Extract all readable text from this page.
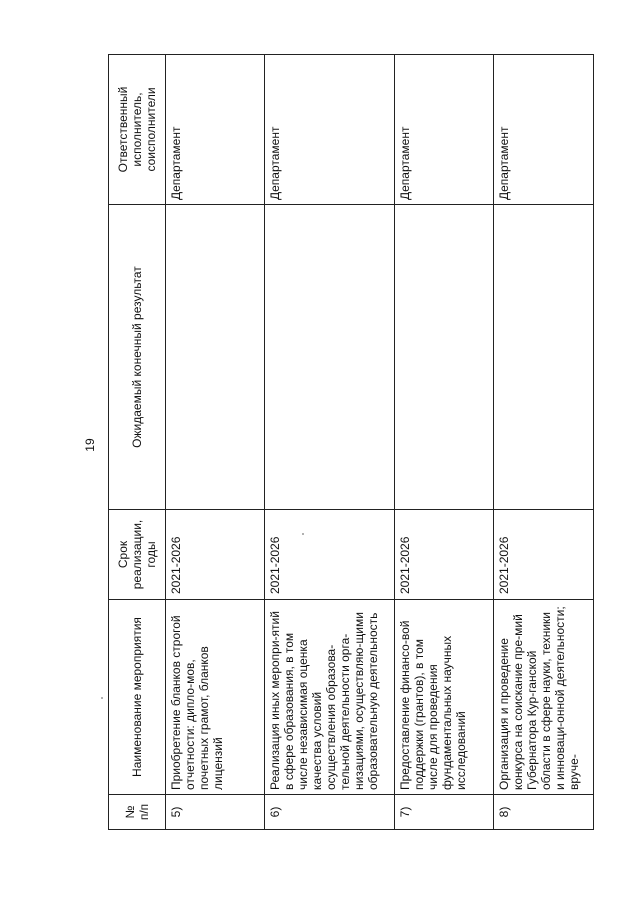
19
№ п/п	Наименование мероприятия	Срок реализации, годы	Ожидаемый конечный результат	Ответственный исполнитель, соисполнители
5)	Приобретение бланков строгой отчетности: дипло-мов, почетных грамот, бланков лицензий	2021-2026		Департамент
6)	Реализация иных меропри-ятий в сфере образования, в том числе независимая оценка качества условий осуществления образова-тельной деятельности орга-низациями, осуществляю-щими образовательную деятельность	2021-2026		Департамент
7)	Предоставление финансо-вой поддержки (грантов), в том числе для проведения фундаментальных научных исследований	2021-2026		Департамент
8)	Организация и проведение конкурса на соискание пре-мий Губернатора Кур-ганской области в сфере науки, техники и инноваци-онной деятельности; вруче-	2021-2026		Департамент
